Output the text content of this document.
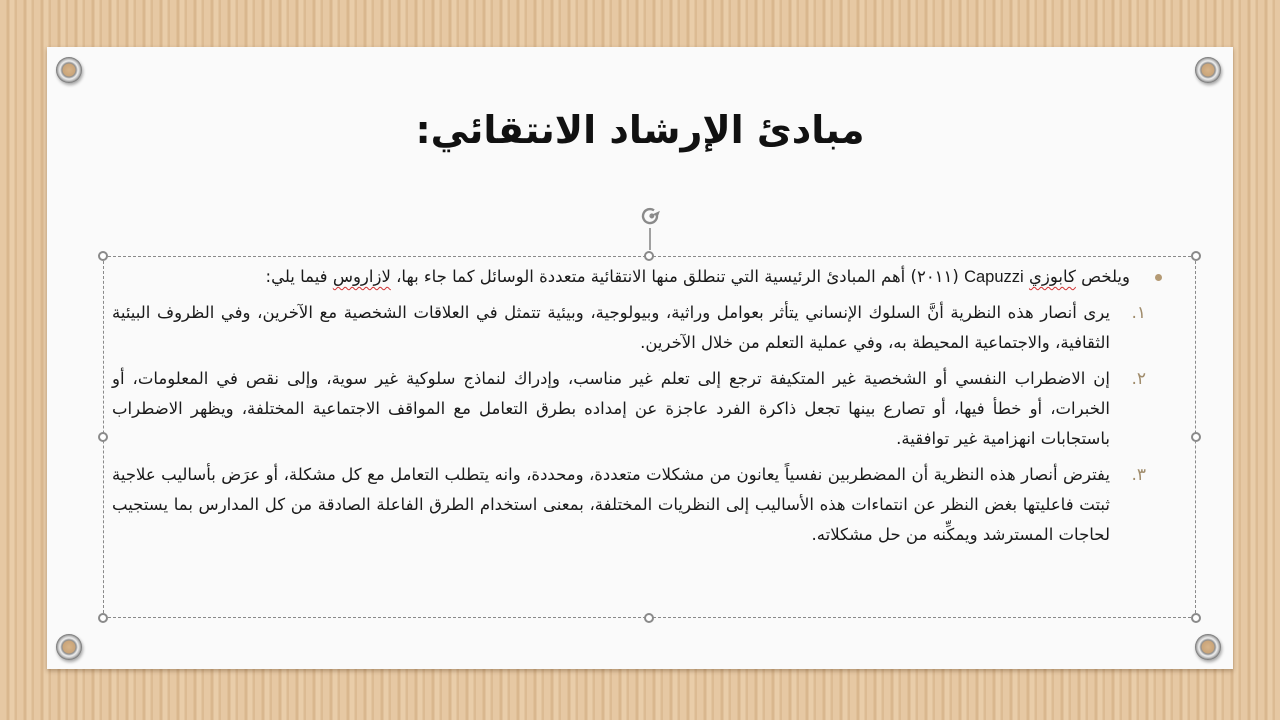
مبادئ الإرشاد الانتقائي:
ويلخص كابوزي Capuzzi (٢٠١١) أهم المبادئ الرئيسية التي تنطلق منها الانتقائية متعددة الوسائل كما جاء بها، لازاروس فيما يلي:
١.
يرى أنصار هذه النظرية أنَّ السلوك الإنساني يتأثر بعوامل وراثية، وبيولوجية، وبيئية تتمثل في العلاقات الشخصية مع الآخرين، وفي الظروف البيئية الثقافية، والاجتماعية المحيطة به، وفي عملية التعلم من خلال الآخرين.
٢.
إن الاضطراب النفسي أو الشخصية غير المتكيفة ترجع إلى تعلم غير مناسب، وإدراك لنماذج سلوكية غير سوية، وإلى نقص في المعلومات، أو الخبرات، أو خطأ فيها، أو تصارع بينها تجعل ذاكرة الفرد عاجزة عن إمداده بطرق التعامل مع المواقف الاجتماعية المختلفة، ويظهر الاضطراب باستجابات انهزامية غير توافقية.
٣.
يفترض أنصار هذه النظرية أن المضطربين نفسياً يعانون من مشكلات متعددة، ومحددة، وانه يتطلب التعامل مع كل مشكلة، أو عرَض بأساليب علاجية ثبتت فاعليتها بغض النظر عن انتماءات هذه الأساليب إلى النظريات المختلفة، بمعنى استخدام الطرق الفاعلة الصادقة من كل المدارس بما يستجيب لحاجات المسترشد ويمكِّنه من حل مشكلاته.
